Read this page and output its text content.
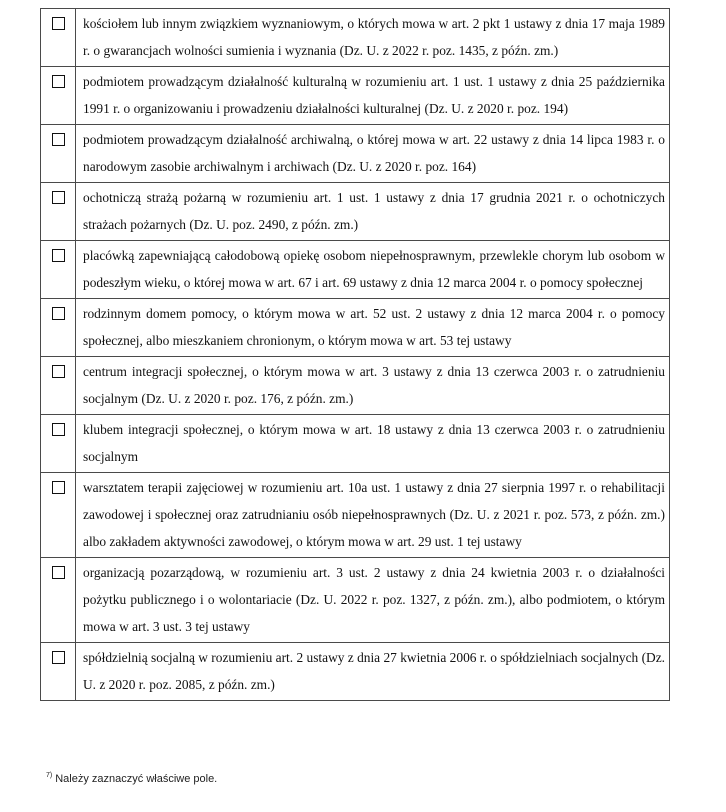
	kościołem lub innym związkiem wyznaniowym, o których mowa w art. 2 pkt 1 ustawy z dnia 17 maja 1989 r. o gwarancjach wolności sumienia i wyznania (Dz. U. z 2022 r. poz. 1435, z późn. zm.)
	podmiotem prowadzącym działalność kulturalną w rozumieniu art. 1 ust. 1 ustawy z dnia 25 października 1991 r. o organizowaniu i prowadzeniu działalności kulturalnej (Dz. U. z 2020 r. poz. 194)
	podmiotem prowadzącym działalność archiwalną, o której mowa w art. 22 ustawy z dnia 14 lipca 1983 r. o narodowym zasobie archiwalnym i archiwach (Dz. U. z 2020 r. poz. 164)
	ochotniczą strażą pożarną w rozumieniu art. 1 ust. 1 ustawy z dnia 17 grudnia 2021 r. o ochotniczych strażach pożarnych (Dz. U. poz. 2490, z późn. zm.)
	placówką zapewniającą całodobową opiekę osobom niepełnosprawnym, przewlekle chorym lub osobom w podeszłym wieku, o której mowa w art. 67 i art. 69 ustawy z dnia 12 marca 2004 r. o pomocy społecznej
	rodzinnym domem pomocy, o którym mowa w art. 52 ust. 2 ustawy z dnia 12 marca 2004 r. o pomocy społecznej, albo mieszkaniem chronionym, o którym mowa w art. 53 tej ustawy
	centrum integracji społecznej, o którym mowa w art. 3 ustawy z dnia 13 czerwca 2003 r. o zatrudnieniu socjalnym (Dz. U. z 2020 r. poz. 176, z późn. zm.)
	klubem integracji społecznej, o którym mowa w art. 18 ustawy z dnia 13 czerwca 2003 r. o zatrudnieniu socjalnym
	warsztatem terapii zajęciowej w rozumieniu art. 10a ust. 1 ustawy z dnia 27 sierpnia 1997 r. o rehabilitacji zawodowej i społecznej oraz zatrudnianiu osób niepełnosprawnych (Dz. U. z 2021 r. poz. 573, z późn. zm.) albo zakładem aktywności zawodowej, o którym mowa w art. 29 ust. 1 tej ustawy
	organizacją pozarządową, w rozumieniu art. 3 ust. 2 ustawy z dnia 24 kwietnia 2003 r. o działalności pożytku publicznego i o wolontariacie (Dz. U. 2022 r. poz. 1327, z późn. zm.), albo podmiotem, o którym mowa w art. 3 ust. 3 tej ustawy
	spółdzielnią socjalną w rozumieniu art. 2 ustawy z dnia 27 kwietnia 2006 r. o spółdzielniach socjalnych (Dz. U. z 2020 r. poz. 2085, z późn. zm.)
$^{7)}$ Należy zaznaczyć właściwe pole.
